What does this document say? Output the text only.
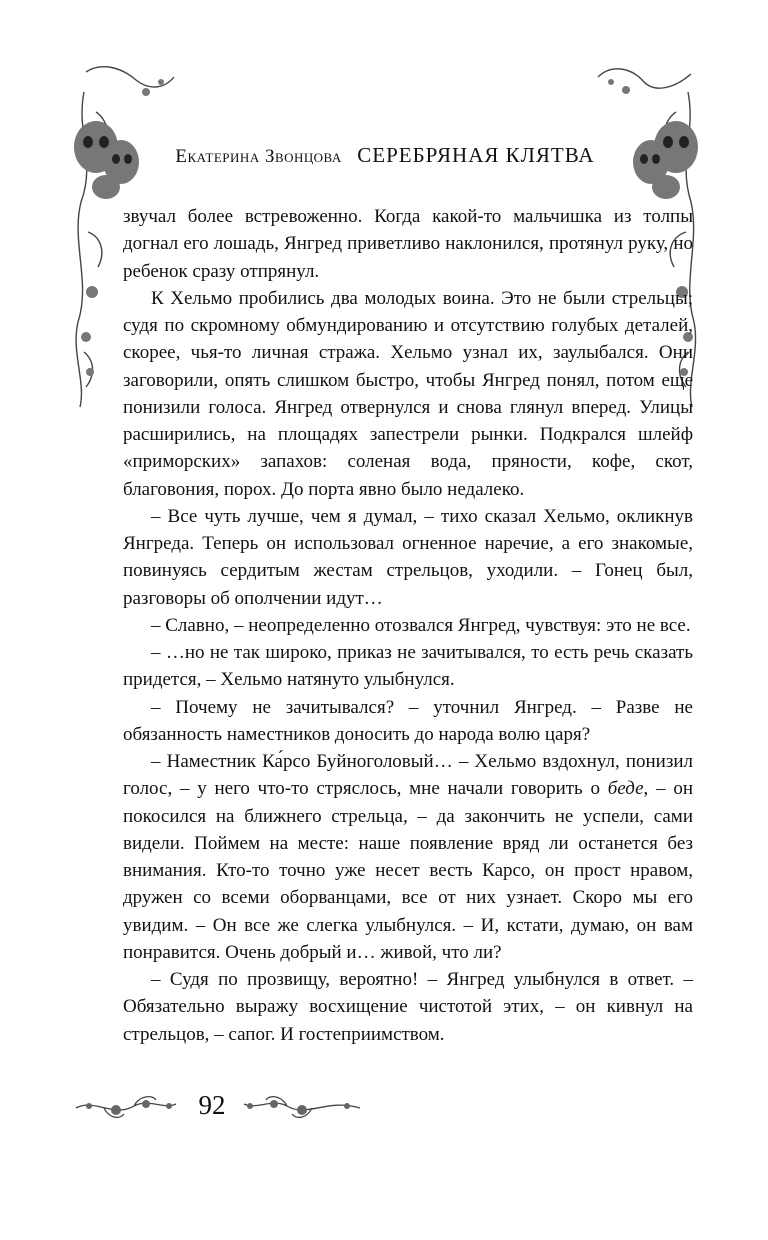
Екатерина Звонцова СЕРЕБРЯНАЯ КЛЯТВА

звучал более встревоженно. Когда какой-то мальчишка из толпы догнал его лошадь, Янгред приветливо наклонился, протянул руку, но ребенок сразу отпрянул.

К Хельмо пробились два молодых воина. Это не были стрельцы; судя по скромному обмундированию и отсутствию голубых деталей, скорее, чья-то личная стража. Хельмо узнал их, заулыбался. Они заговорили, опять слишком быстро, чтобы Янгред понял, потом еще понизили голоса. Янгред отвернулся и снова глянул вперед. Улицы расширились, на площадях запестрели рынки. Подкрался шлейф «приморских» запахов: соленая вода, пряности, кофе, скот, благовония, порох. До порта явно было недалеко.

– Все чуть лучше, чем я думал, – тихо сказал Хельмо, окликнув Янгреда. Теперь он использовал огненное наречие, а его знакомые, повинуясь сердитым жестам стрельцов, уходили. – Гонец был, разговоры об ополчении идут…

– Славно, – неопределенно отозвался Янгред, чувствуя: это не все.

– …но не так широко, приказ не зачитывался, то есть речь сказать придется, – Хельмо натянуто улыбнулся.

– Почему не зачитывался? – уточнил Янгред. – Разве не обязанность наместников доносить до народа волю царя?

– Наместник Ка́рсо Буйноголовый… – Хельмо вздохнул, понизил голос, – у него что-то стряслось, мне начали говорить о беде, – он покосился на ближнего стрельца, – да закончить не успели, сами видели. Поймем на месте: наше появление вряд ли останется без внимания. Кто-то точно уже несет весть Карсо, он прост нравом, дружен со всеми оборванцами, все от них узнает. Скоро мы его увидим. – Он все же слегка улыбнулся. – И, кстати, думаю, он вам понравится. Очень добрый и… живой, что ли?

– Судя по прозвищу, вероятно! – Янгред улыбнулся в ответ. – Обязательно выражу восхищение чистотой этих, – он кивнул на стрельцов, – сапог. И гостеприимством.

92
